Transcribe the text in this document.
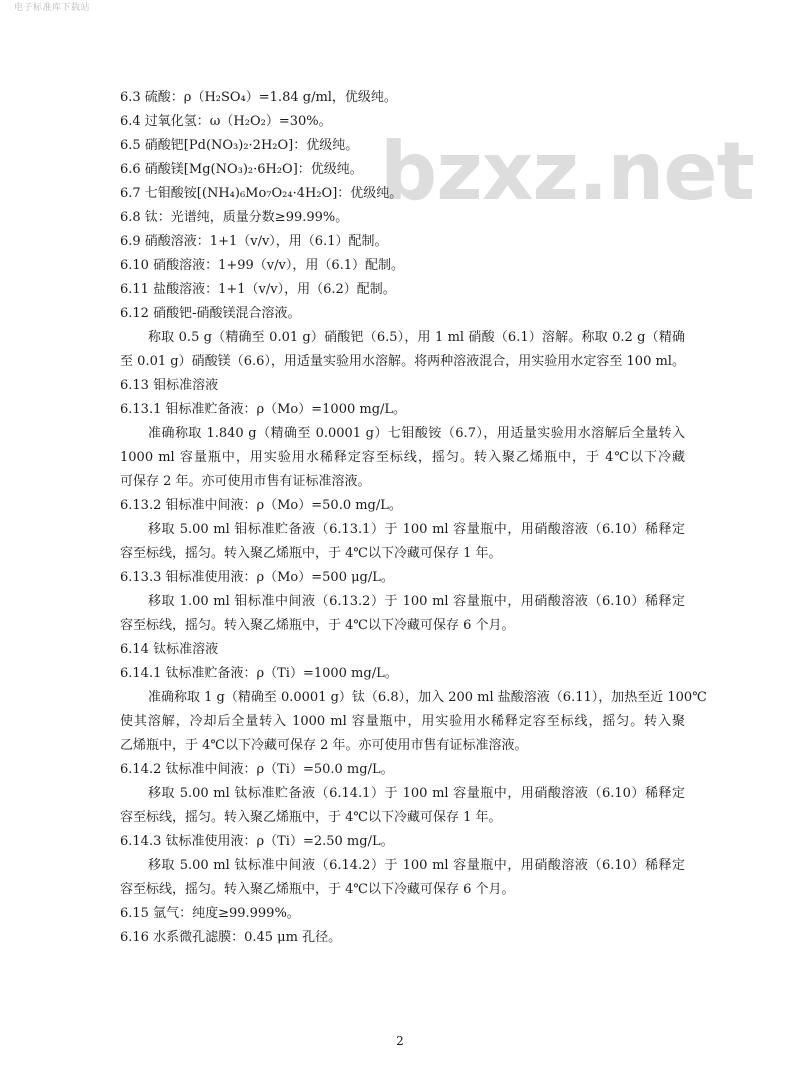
电子标准库下载站
bzxz.net
6.3 硫酸：ρ（H₂SO₄）=1.84 g/ml，优级纯。
6.4 过氧化氢：ω（H₂O₂）=30%。
6.5 硝酸钯[Pd(NO₃)₂·2H₂O]：优级纯。
6.6 硝酸镁[Mg(NO₃)₂·6H₂O]：优级纯。
6.7 七钼酸铵[(NH₄)₆Mo₇O₂₄·4H₂O]：优级纯。
6.8 钛：光谱纯，质量分数≥99.99%。
6.9 硝酸溶液：1+1（v/v），用（6.1）配制。
6.10 硝酸溶液：1+99（v/v），用（6.1）配制。
6.11 盐酸溶液：1+1（v/v），用（6.2）配制。
6.12 硝酸钯-硝酸镁混合溶液。
称取 0.5 g（精确至 0.01 g）硝酸钯（6.5），用 1 ml 硝酸（6.1）溶解。称取 0.2 g（精确
至 0.01 g）硝酸镁（6.6），用适量实验用水溶解。将两种溶液混合，用实验用水定容至 100 ml。
6.13 钼标准溶液
6.13.1 钼标准贮备液：ρ（Mo）=1000 mg/L。
准确称取 1.840 g（精确至 0.0001 g）七钼酸铵（6.7），用适量实验用水溶解后全量转入
1000 ml 容量瓶中，用实验用水稀释定容至标线，摇匀。转入聚乙烯瓶中，于 4℃以下冷藏
可保存 2 年。亦可使用市售有证标准溶液。
6.13.2 钼标准中间液：ρ（Mo）=50.0 mg/L。
移取 5.00 ml 钼标准贮备液（6.13.1）于 100 ml 容量瓶中，用硝酸溶液（6.10）稀释定
容至标线，摇匀。转入聚乙烯瓶中，于 4℃以下冷藏可保存 1 年。
6.13.3 钼标准使用液：ρ（Mo）=500 μg/L。
移取 1.00 ml 钼标准中间液（6.13.2）于 100 ml 容量瓶中，用硝酸溶液（6.10）稀释定
容至标线，摇匀。转入聚乙烯瓶中，于 4℃以下冷藏可保存 6 个月。
6.14 钛标准溶液
6.14.1 钛标准贮备液：ρ（Ti）=1000 mg/L。
准确称取 1 g（精确至 0.0001 g）钛（6.8），加入 200 ml 盐酸溶液（6.11），加热至近 100℃
使其溶解，冷却后全量转入 1000 ml 容量瓶中，用实验用水稀释定容至标线，摇匀。转入聚
乙烯瓶中，于 4℃以下冷藏可保存 2 年。亦可使用市售有证标准溶液。
6.14.2 钛标准中间液：ρ（Ti）=50.0 mg/L。
移取 5.00 ml 钛标准贮备液（6.14.1）于 100 ml 容量瓶中，用硝酸溶液（6.10）稀释定
容至标线，摇匀。转入聚乙烯瓶中，于 4℃以下冷藏可保存 1 年。
6.14.3 钛标准使用液：ρ（Ti）=2.50 mg/L。
移取 5.00 ml 钛标准中间液（6.14.2）于 100 ml 容量瓶中，用硝酸溶液（6.10）稀释定
容至标线，摇匀。转入聚乙烯瓶中，于 4℃以下冷藏可保存 6 个月。
6.15 氩气：纯度≥99.999%。
6.16 水系微孔滤膜：0.45 μm 孔径。
2
